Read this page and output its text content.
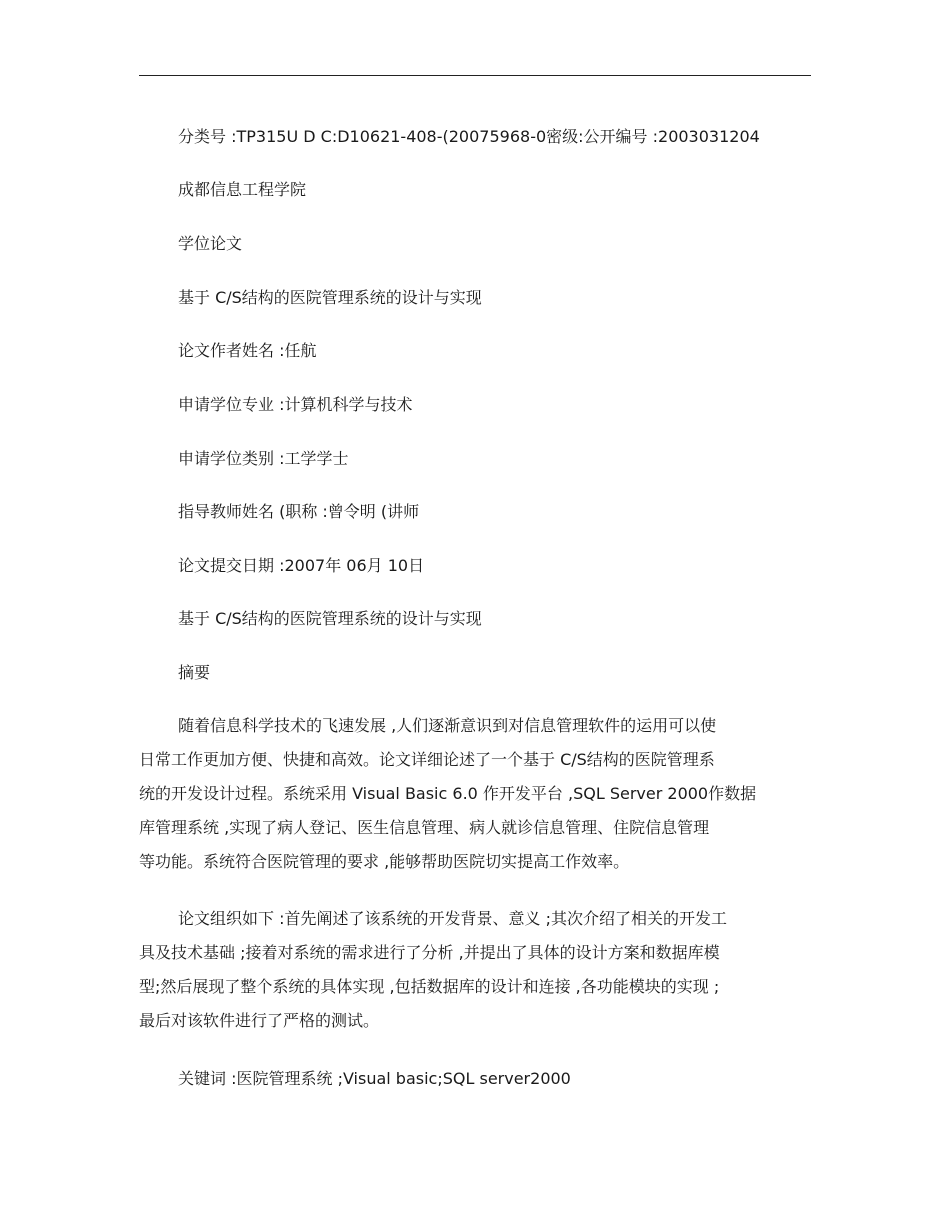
分类号 :TP315U D C:D10621-408-(20075968-0密级:公开编号 :2003031204
成都信息工程学院
学位论文
基于 C/S结构的医院管理系统的设计与实现
论文作者姓名 :任航
申请学位专业 :计算机科学与技术
申请学位类别 :工学学士
指导教师姓名 (职称 :曾令明 (讲师
论文提交日期 :2007年 06月 10日
基于 C/S结构的医院管理系统的设计与实现
摘要
随着信息科学技术的飞速发展 ,人们逐渐意识到对信息管理软件的运用可以使
日常工作更加方便、快捷和高效。论文详细论述了一个基于 C/S结构的医院管理系
统的开发设计过程。系统采用 Visual Basic 6.0 作开发平台 ,SQL Server 2000作数据
库管理系统 ,实现了病人登记、医生信息管理、病人就诊信息管理、住院信息管理
等功能。系统符合医院管理的要求 ,能够帮助医院切实提高工作效率。
论文组织如下 :首先阐述了该系统的开发背景、意义 ;其次介绍了相关的开发工
具及技术基础 ;接着对系统的需求进行了分析 ,并提出了具体的设计方案和数据库模
型;然后展现了整个系统的具体实现 ,包括数据库的设计和连接 ,各功能模块的实现 ;
最后对该软件进行了严格的测试。
关键词 :医院管理系统 ;Visual basic;SQL server2000
